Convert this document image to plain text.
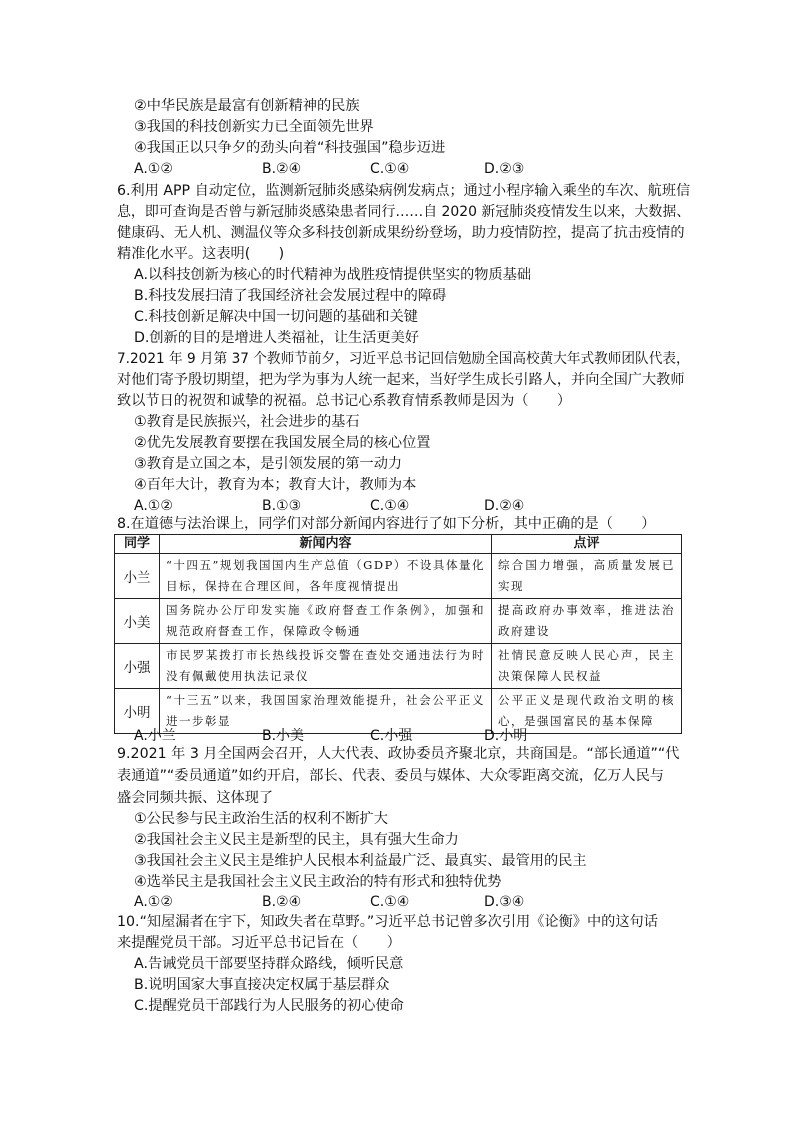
②中华民族是最富有创新精神的民族
③我国的科技创新实力已全面领先世界
④我国正以只争夕的劲头向着“科技强国”稳步迈进
A.①②	B.②④	C.①④	D.②③
6.利用 APP 自动定位，监测新冠肺炎感染病例发病点；通过小程序输入乘坐的车次、航班信
息，即可查询是否曾与新冠肺炎感染患者同行……自 2020 新冠肺炎疫情发生以来，大数据、
健康码、无人机、测温仪等众多科技创新成果纷纷登场，助力疫情防控，提高了抗击疫情的
精准化水平。这表明(　　)
A.以科技创新为核心的时代精神为战胜疫情提供坚实的物质基础
B.科技发展扫清了我国经济社会发展过程中的障碍
C.科技创新足解决中国一切问题的基础和关键
D.创新的目的是增进人类福祉，让生活更美好
7.2021 年 9 月第 37 个教师节前夕，习近平总书记回信勉励全国高校黄大年式教师团队代表，
对他们寄予殷切期望，把为学为事为人统一起来，当好学生成长引路人，并向全国广大教师
致以节日的祝贺和诚挚的祝福。总书记心系教育情系教师是因为（　　）
①教育是民族振兴，社会进步的基石
②优先发展教育要摆在我国发展全局的核心位置
③教育是立国之本，是引领发展的第一动力
④百年大计，教育为本；教育大计，教师为本
A.①②	B.①③	C.①④	D.②④
8.在道德与法治课上，同学们对部分新闻内容进行了如下分析，其中正确的是（　　）
同学	新闻内容	点评
小兰	“十四五”规划我国国内生产总值（GDP）不设具体量化目标，保持在合理区间，各年度视情提出	综合国力增强，高质量发展已实现
小美	国务院办公厅印发实施《政府督查工作条例》，加强和规范政府督查工作，保障政令畅通	提高政府办事效率，推进法治政府建设
小强	市民罗某拨打市长热线投诉交警在查处交通违法行为时没有佩戴使用执法记录仪	社情民意反映人民心声，民主决策保障人民权益
小明	“十三五”以来，我国国家治理效能提升，社会公平正义进一步彰显	公平正义是现代政治文明的核心，是强国富民的基本保障
A.小兰	B.小美	C.小强	D.小明
9.2021 年 3 月全国两会召开，人大代表、政协委员齐聚北京，共商国是。“部长通道”“代
表通道”“委员通道”如约开启，部长、代表、委员与媒体、大众零距离交流，亿万人民与
盛会同频共振、这体现了
①公民参与民主政治生活的权利不断扩大
②我国社会主义民主是新型的民主，具有强大生命力
③我国社会主义民主是维护人民根本利益最广泛、最真实、最管用的民主
④选举民主是我国社会主义民主政治的特有形式和独特优势
A.①②	B.②④	C.①④	D.③④
10.“知屋漏者在宇下，知政失者在草野。”习近平总书记曾多次引用《论衡》中的这句话
来提醒党员干部。习近平总书记旨在（　　）
A.告诫党员干部要坚持群众路线，倾听民意
B.说明国家大事直接决定权属于基层群众
C.提醒党员干部践行为人民服务的初心使命
